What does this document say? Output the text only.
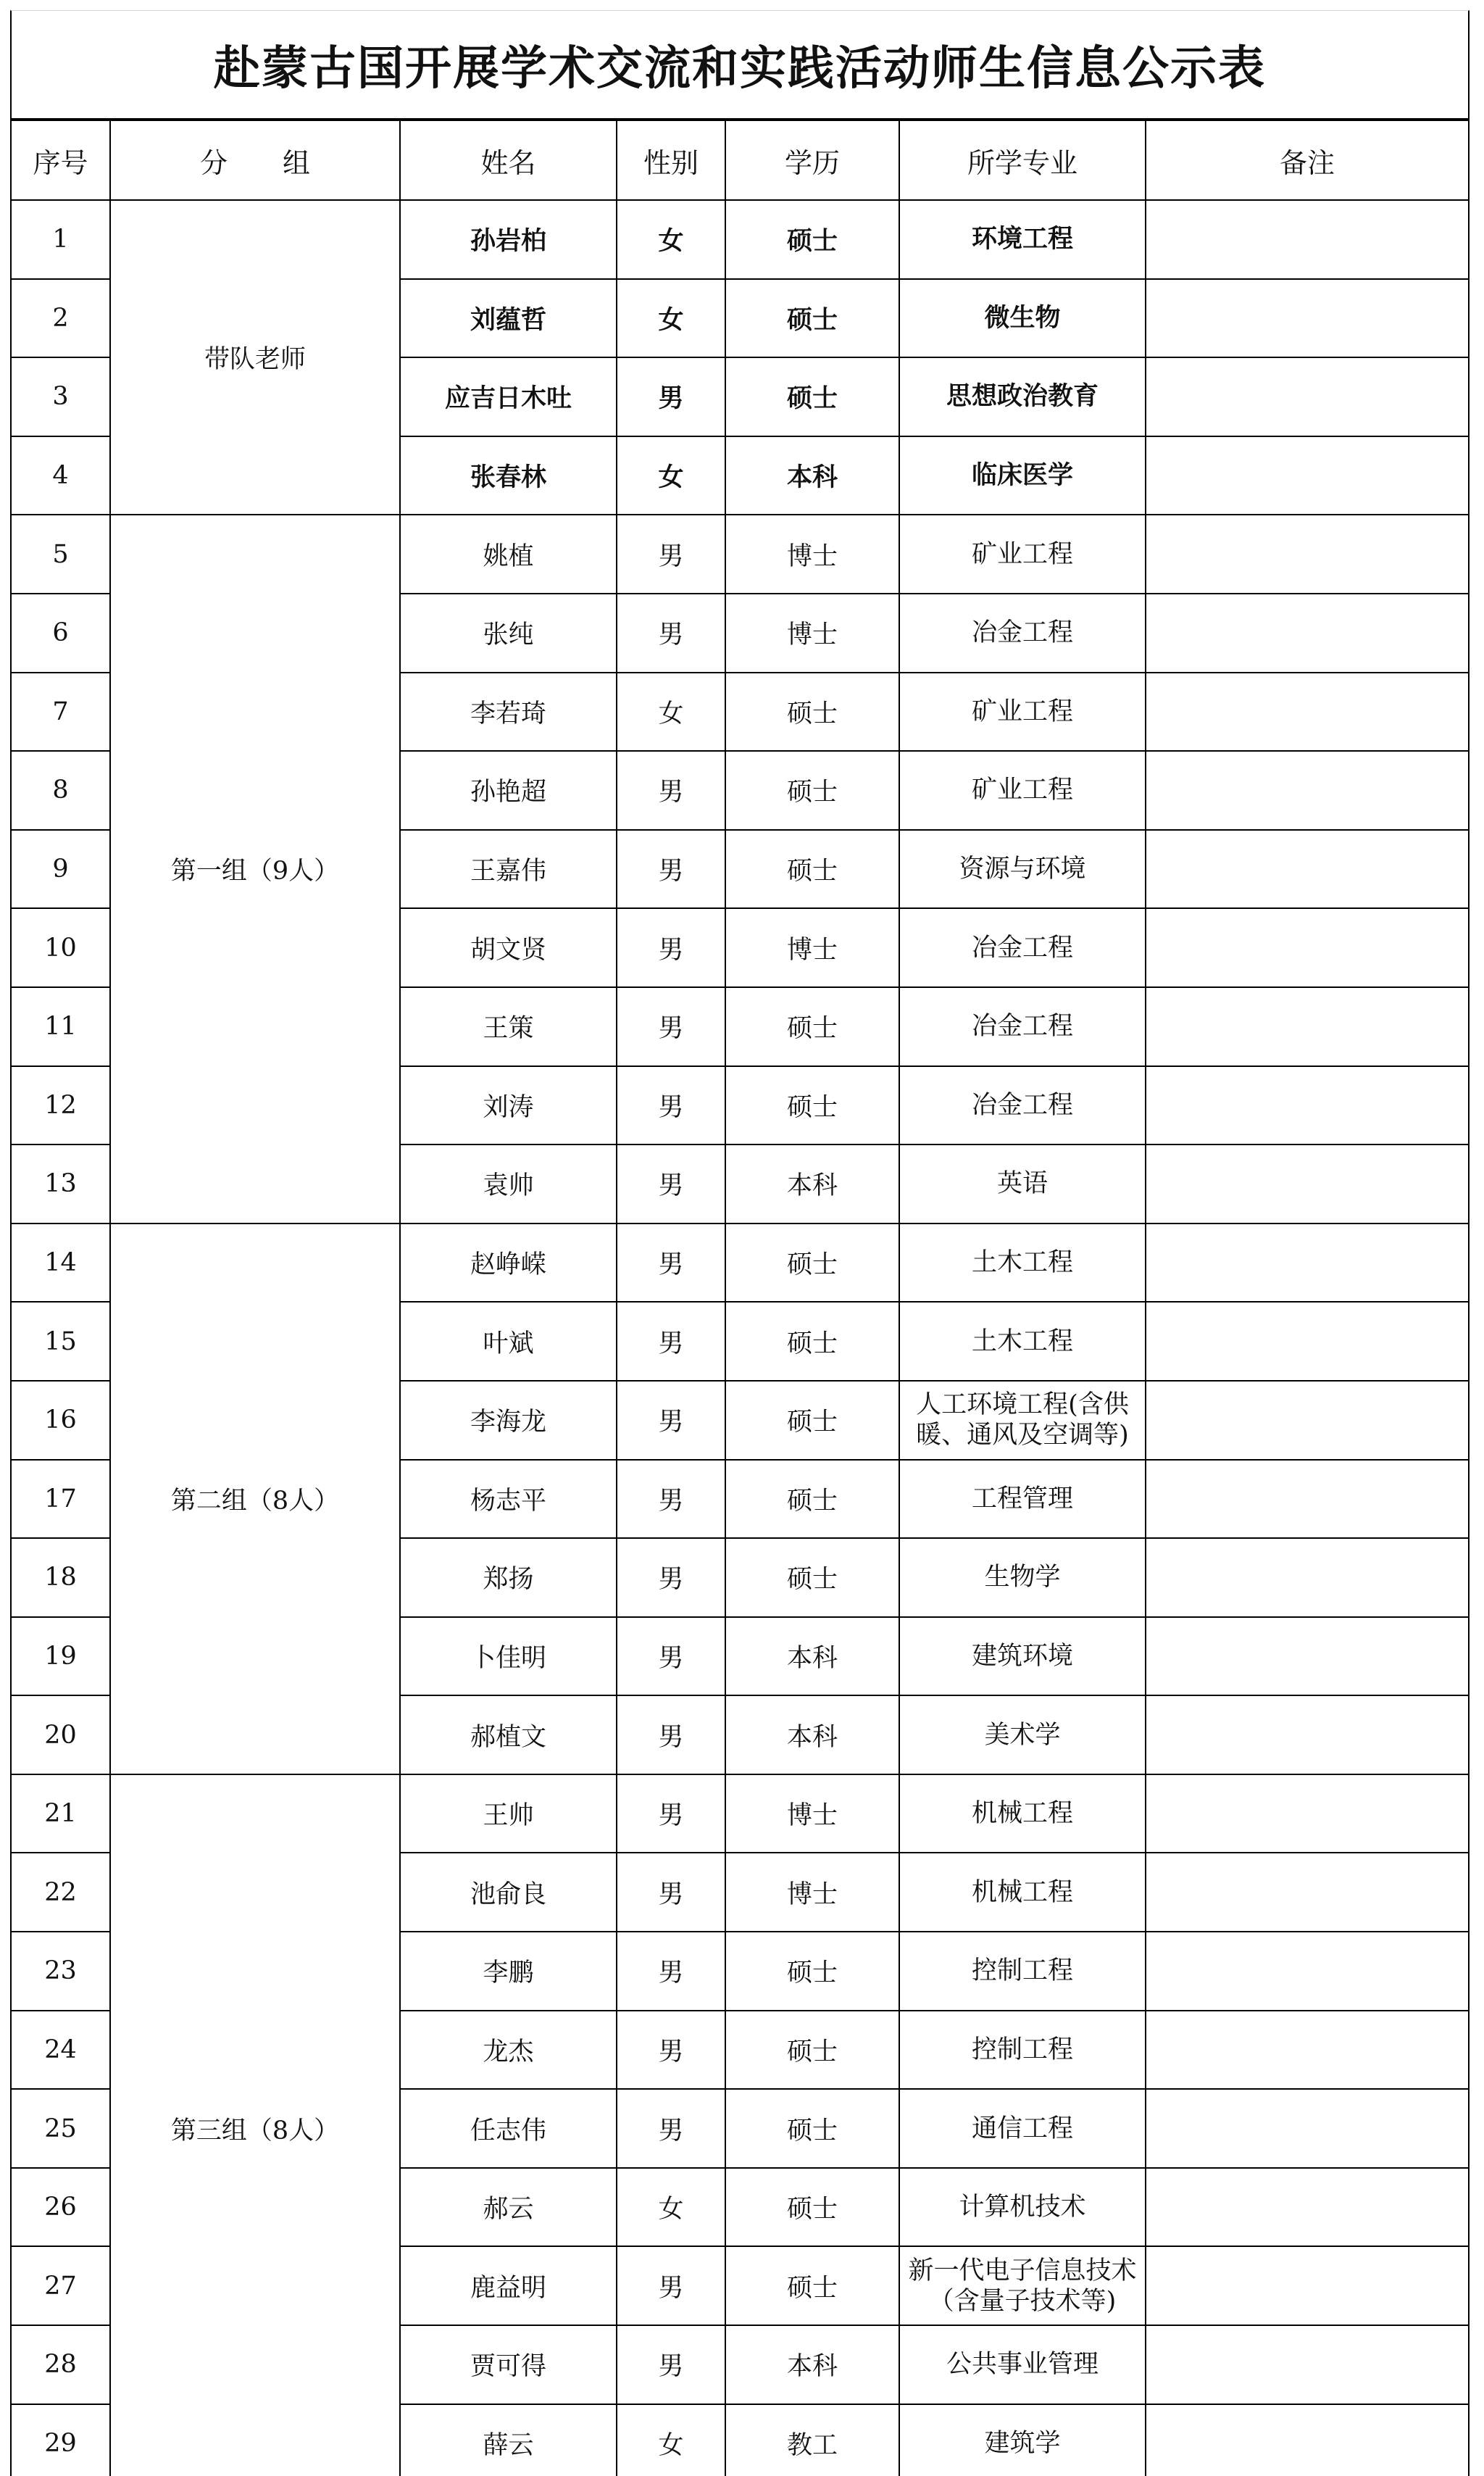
赴蒙古国开展学术交流和实践活动师生信息公示表
序号	分　　组	姓名	性别	学历	所学专业	备注
1	带队老师	孙岩柏	女	硕士	环境工程	
2		刘蕴哲	女	硕士	微生物	
3		应吉日木吐	男	硕士	思想政治教育	
4		张春林	女	本科	临床医学	
5	第一组（9人）	姚植	男	博士	矿业工程	
6		张纯	男	博士	冶金工程	
7		李若琦	女	硕士	矿业工程	
8		孙艳超	男	硕士	矿业工程	
9		王嘉伟	男	硕士	资源与环境	
10		胡文贤	男	博士	冶金工程	
11		王策	男	硕士	冶金工程	
12		刘涛	男	硕士	冶金工程	
13		袁帅	男	本科	英语	
14	第二组（8人）	赵峥嵘	男	硕士	土木工程	
15		叶斌	男	硕士	土木工程	
16		李海龙	男	硕士	人工环境工程(含供暖、通风及空调等)	
17		杨志平	男	硕士	工程管理	
18		郑扬	男	硕士	生物学	
19		卜佳明	男	本科	建筑环境	
20		郝植文	男	本科	美术学	
21	第三组（8人）	王帅	男	博士	机械工程	
22		池俞良	男	博士	机械工程	
23		李鹏	男	硕士	控制工程	
24		龙杰	男	硕士	控制工程	
25		任志伟	男	硕士	通信工程	
26		郝云	女	硕士	计算机技术	
27		鹿益明	男	硕士	新一代电子信息技术（含量子技术等)	
28		贾可得	男	本科	公共事业管理	
29		薛云	女	教工	建筑学	
